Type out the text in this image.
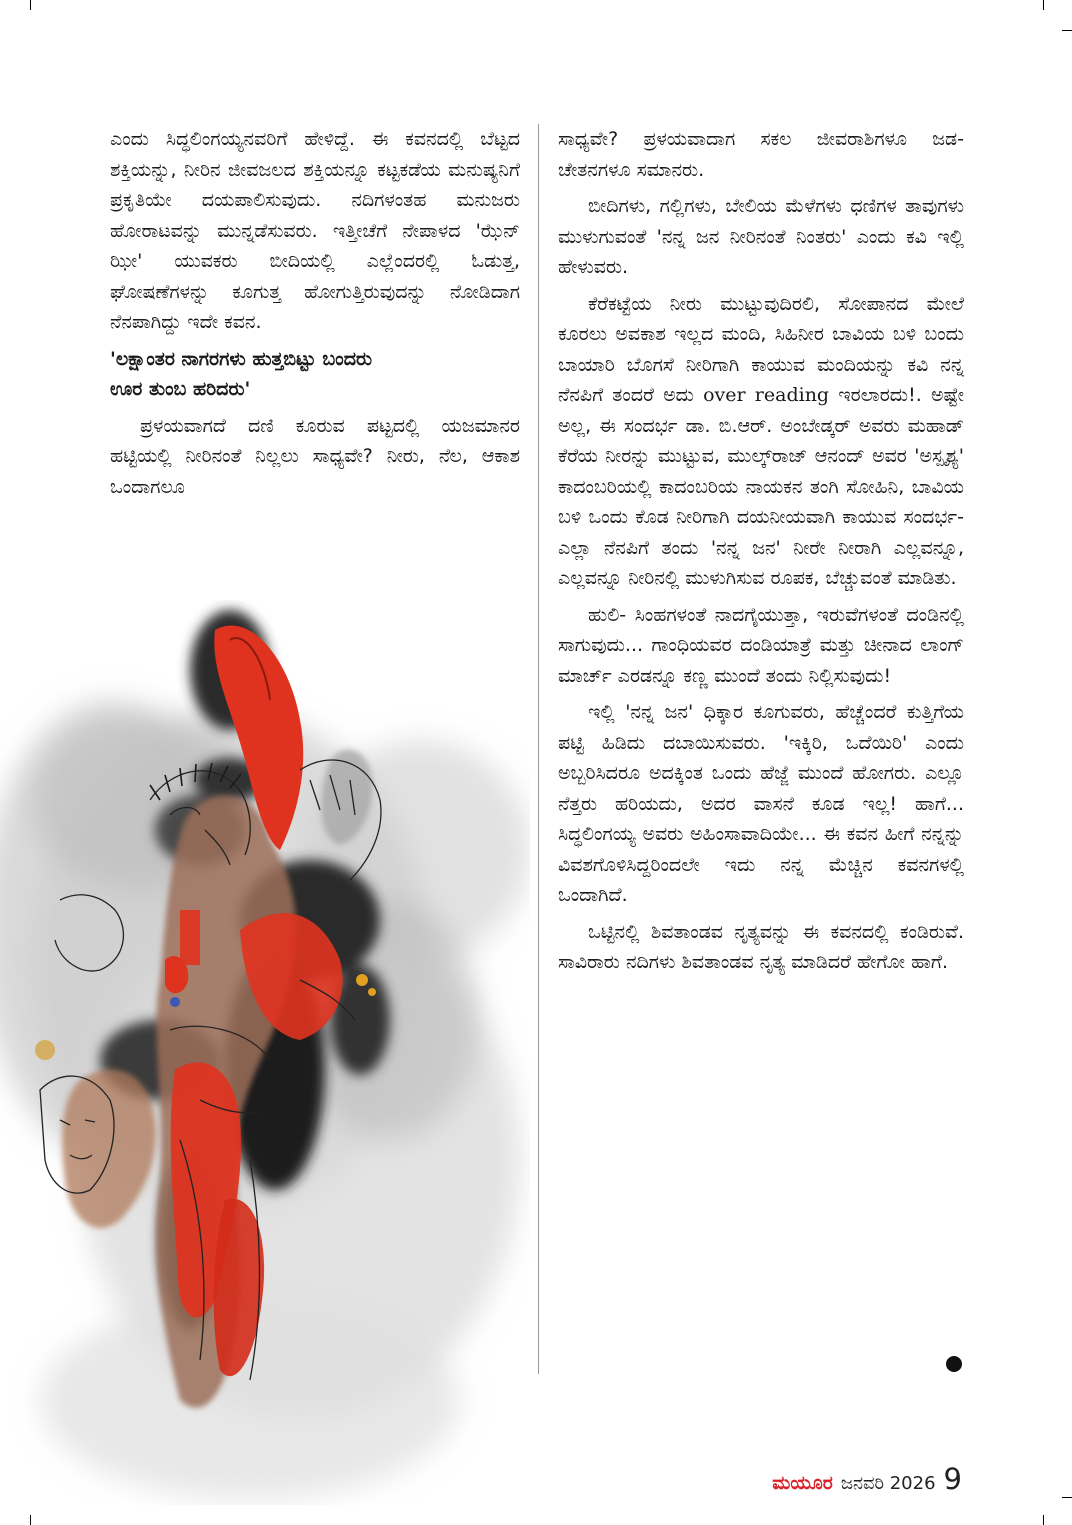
ಎಂದು ಸಿದ್ಧಲಿಂಗಯ್ಯನವರಿಗೆ ಹೇಳಿದ್ದೆ. ಈ ಕವನದಲ್ಲಿ ಬೆಟ್ಟದ ಶಕ್ತಿಯನ್ನು, ನೀರಿನ ಜೀವಜಲದ ಶಕ್ತಿಯನ್ನೂ ಕಟ್ಟಕಡೆಯ ಮನುಷ್ಯನಿಗೆ ಪ್ರಕೃತಿಯೇ ದಯಪಾಲಿಸುವುದು. ನದಿಗಳಂತಹ ಮನುಜರು ಹೋರಾಟವನ್ನು ಮುನ್ನಡೆಸುವರು. ಇತ್ತೀಚೆಗೆ ನೇಪಾಳದ 'ಝೆನ್ ಝೀ' ಯುವಕರು ಬೀದಿಯಲ್ಲಿ ಎಲ್ಲೆಂದರಲ್ಲಿ ಓಡುತ್ತ, ಘೋಷಣೆಗಳನ್ನು ಕೂಗುತ್ತ ಹೋಗುತ್ತಿರುವುದನ್ನು ನೋಡಿದಾಗ ನೆನಪಾಗಿದ್ದು ಇದೇ ಕವನ.

'ಲಕ್ಷಾಂತರ ನಾಗರಗಳು ಹುತ್ತಬಿಟ್ಟು ಬಂದರು
ಊರ ತುಂಬ ಹರಿದರು'

ಪ್ರಳಯವಾಗದೆ ದಣಿ ಕೂರುವ ಪಟ್ಟದಲ್ಲಿ ಯಜಮಾನರ ಹಟ್ಟಿಯಲ್ಲಿ ನೀರಿನಂತೆ ನಿಲ್ಲಲು ಸಾಧ್ಯವೇ? ನೀರು, ನೆಲ, ಆಕಾಶ ಒಂದಾಗಲೂ

ಸಾಧ್ಯವೇ? ಪ್ರಳಯವಾದಾಗ ಸಕಲ ಜೀವರಾಶಿಗಳೂ ಜಡ- ಚೇತನಗಳೂ ಸಮಾನರು.

ಬೀದಿಗಳು, ಗಲ್ಲಿಗಳು, ಬೇಲಿಯ ಮೆಳೆಗಳು ಧಣಿಗಳ ತಾವುಗಳು ಮುಳುಗುವಂತೆ 'ನನ್ನ ಜನ ನೀರಿನಂತೆ ನಿಂತರು' ಎಂದು ಕವಿ ಇಲ್ಲಿ ಹೇಳುವರು.

ಕೆರೆಕಟ್ಟೆಯ ನೀರು ಮುಟ್ಟುವುದಿರಲಿ, ಸೋಪಾನದ ಮೇಲೆ ಕೂರಲು ಅವಕಾಶ ಇಲ್ಲದ ಮಂದಿ, ಸಿಹಿನೀರ ಬಾವಿಯ ಬಳಿ ಬಂದು ಬಾಯಾರಿ ಬೊಗಸೆ ನೀರಿಗಾಗಿ ಕಾಯುವ ಮಂದಿಯನ್ನು ಕವಿ ನನ್ನ ನೆನಪಿಗೆ ತಂದರೆ ಅದು over reading ಇರಲಾರದು!. ಅಷ್ಟೇ ಅಲ್ಲ, ಈ ಸಂದರ್ಭ ಡಾ. ಬಿ.ಆರ್. ಅಂಬೇಡ್ಕರ್ ಅವರು ಮಹಾಡ್ ಕೆರೆಯ ನೀರನ್ನು ಮುಟ್ಟುವ, ಮುಲ್ಕ್‌ರಾಜ್ ಆನಂದ್ ಅವರ 'ಅಸ್ಪೃಶ್ಯ' ಕಾದಂಬರಿಯಲ್ಲಿ ಕಾದಂಬರಿಯ ನಾಯಕನ ತಂಗಿ ಸೋಹಿನಿ, ಬಾವಿಯ ಬಳಿ ಒಂದು ಕೊಡ ನೀರಿಗಾಗಿ ದಯನೀಯವಾಗಿ ಕಾಯುವ ಸಂದರ್ಭ- ಎಲ್ಲಾ ನೆನಪಿಗೆ ತಂದು 'ನನ್ನ ಜನ' ನೀರೇ ನೀರಾಗಿ ಎಲ್ಲವನ್ನೂ, ಎಲ್ಲವನ್ನೂ ನೀರಿನಲ್ಲಿ ಮುಳುಗಿಸುವ ರೂಪಕ, ಬೆಚ್ಚುವಂತೆ ಮಾಡಿತು.

ಹುಲಿ- ಸಿಂಹಗಳಂತೆ ನಾದಗೈಯುತ್ತಾ, ಇರುವೆಗಳಂತೆ ದಂಡಿನಲ್ಲಿ ಸಾಗುವುದು... ಗಾಂಧಿಯವರ ದಂಡಿಯಾತ್ರೆ ಮತ್ತು ಚೀನಾದ ಲಾಂಗ್ ಮಾರ್ಚ್ ಎರಡನ್ನೂ ಕಣ್ಣ ಮುಂದೆ ತಂದು ನಿಲ್ಲಿಸುವುದು!

ಇಲ್ಲಿ 'ನನ್ನ ಜನ' ಧಿಕ್ಕಾರ ಕೂಗುವರು, ಹೆಚ್ಚೆಂದರೆ ಕುತ್ತಿಗೆಯ ಪಟ್ಟಿ ಹಿಡಿದು ದಬಾಯಿಸುವರು. 'ಇಕ್ಕಿರಿ, ಒದೆಯಿರಿ' ಎಂದು ಅಬ್ಬರಿಸಿದರೂ ಅದಕ್ಕಿಂತ ಒಂದು ಹೆಜ್ಜೆ ಮುಂದೆ ಹೋಗರು. ಎಲ್ಲೂ ನೆತ್ತರು ಹರಿಯದು, ಅದರ ವಾಸನೆ ಕೂಡ ಇಲ್ಲ! ಹಾಗೆ... ಸಿದ್ಧಲಿಂಗಯ್ಯ ಅವರು ಅಹಿಂಸಾವಾದಿಯೇ... ಈ ಕವನ ಹೀಗೆ ನನ್ನನ್ನು ವಿವಶಗೊಳಿಸಿದ್ದರಿಂದಲೇ ಇದು ನನ್ನ ಮೆಚ್ಚಿನ ಕವನಗಳಲ್ಲಿ ಒಂದಾಗಿದೆ.

ಒಟ್ಟಿನಲ್ಲಿ ಶಿವತಾಂಡವ ನೃತ್ಯವನ್ನು ಈ ಕವನದಲ್ಲಿ ಕಂಡಿರುವೆ. ಸಾವಿರಾರು ನದಿಗಳು ಶಿವತಾಂಡವ ನೃತ್ಯ ಮಾಡಿದರೆ ಹೇಗೋ ಹಾಗೆ.

ಮಯೂರ ಜನವರಿ 2026 9
